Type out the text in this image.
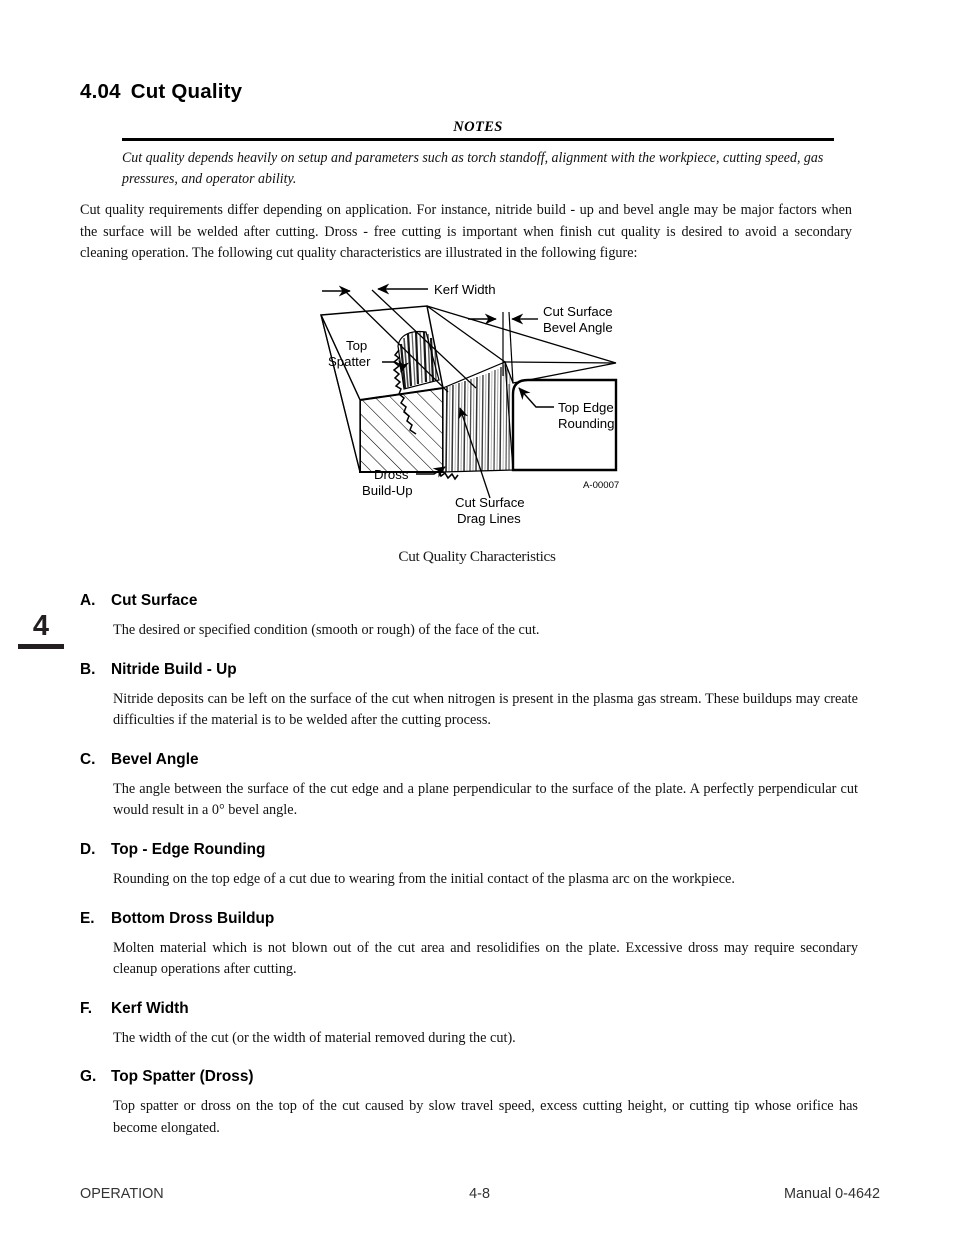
4.04 Cut Quality
NOTES
Cut quality depends heavily on setup and parameters such as torch standoff, alignment with the workpiece, cutting speed, gas pressures, and operator ability.
Cut quality requirements differ depending on application. For instance, nitride build - up and bevel angle may be major factors when the surface will be welded after cutting. Dross - free cutting is important when finish cut quality is desired to avoid a secondary cleaning operation. The following cut quality characteristics are illustrated in the following figure:
Kerf Width
Cut Surface
Bevel Angle
Top
Spatter
Top Edge
Rounding
Dross
Build-Up
Cut Surface
Drag Lines
A-00007
Cut Quality Characteristics
4
A.	Cut Surface
The desired or specified condition (smooth or rough) of the face of the cut.
B.	Nitride Build - Up
Nitride deposits can be left on the surface of the cut when nitrogen is present in the plasma gas stream. These buildups may create difficulties if the material is to be welded after the cutting process.
C.	Bevel Angle
The angle between the surface of the cut edge and a plane perpendicular to the surface of the plate. A perfectly perpendicular cut would result in a 0° bevel angle.
D.	Top - Edge Rounding
Rounding on the top edge of a cut due to wearing from the initial contact of the plasma arc on the workpiece.
E.	Bottom Dross Buildup
Molten material which is not blown out of the cut area and resolidifies on the plate. Excessive dross may require secondary cleanup operations after cutting.
F.	Kerf Width
The width of the cut (or the width of material removed during the cut).
G. Top Spatter (Dross)
Top spatter or dross on the top of the cut caused by slow travel speed, excess cutting height, or cutting tip whose orifice has become elongated.
OPERATION	4-8	Manual 0-4642
